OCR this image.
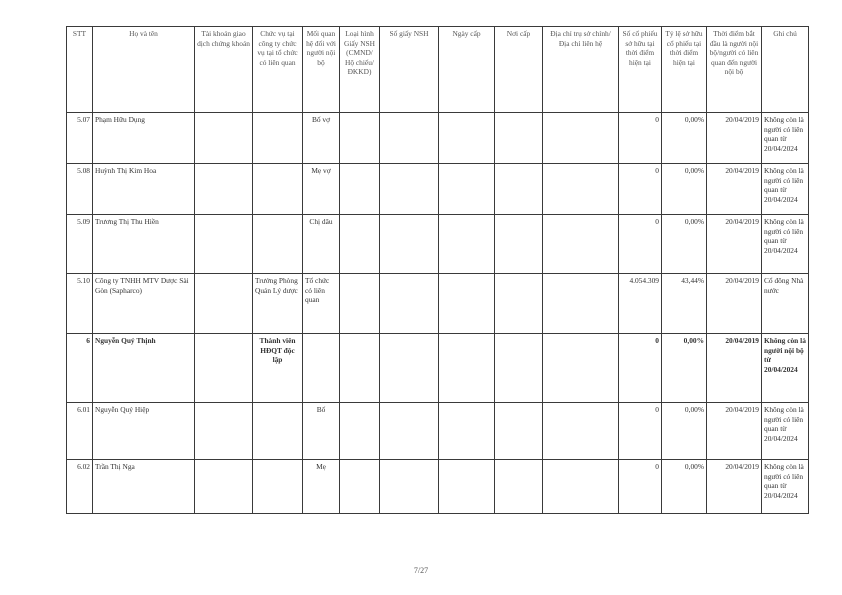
STT	Họ và tên	Tài khoản giao dịch chứng khoán	Chức vụ tại công ty chức vụ tại tổ chức có liên quan	Mối quan hệ đối với người nội bộ	Loại hình Giấy NSH (CMND/ Hộ chiếu/ ĐKKD)	Số giấy NSH	Ngày cấp	Nơi cấp	Địa chỉ trụ sở chính/ Địa chỉ liên hệ	Số cổ phiếu sở hữu tại thời điểm hiện tại	Tỷ lệ sở hữu cổ phiếu tại thời điểm hiện tại	Thời điểm bắt đầu là người nội bộ/người có liên quan đến người nội bộ	Ghi chú
5.07	Phạm Hữu Dụng			Bố vợ						0	0,00%	20/04/2019	Không còn là người có liên quan từ 20/04/2024
5.08	Huỳnh Thị Kim Hoa			Mẹ vợ						0	0,00%	20/04/2019	Không còn là người có liên quan từ 20/04/2024
5.09	Trương Thị Thu Hiền			Chị dâu						0	0,00%	20/04/2019	Không còn là người có liên quan từ 20/04/2024
5.10	Công ty TNHH MTV Dược Sài Gòn (Sapharco)		Trưởng Phòng Quản Lý dược	Tổ chức có liên quan						4.054.309	43,44%	20/04/2019	Cổ đông Nhà nước
6	Nguyễn Quý Thịnh		Thành viên HĐQT độc lập							0	0,00%	20/04/2019	Không còn là người nội bộ từ 20/04/2024
6.01	Nguyễn Quý Hiệp			Bố						0	0,00%	20/04/2019	Không còn là người có liên quan từ 20/04/2024
6.02	Trần Thị Nga			Mẹ						0	0,00%	20/04/2019	Không còn là người có liên quan từ 20/04/2024
7/27
